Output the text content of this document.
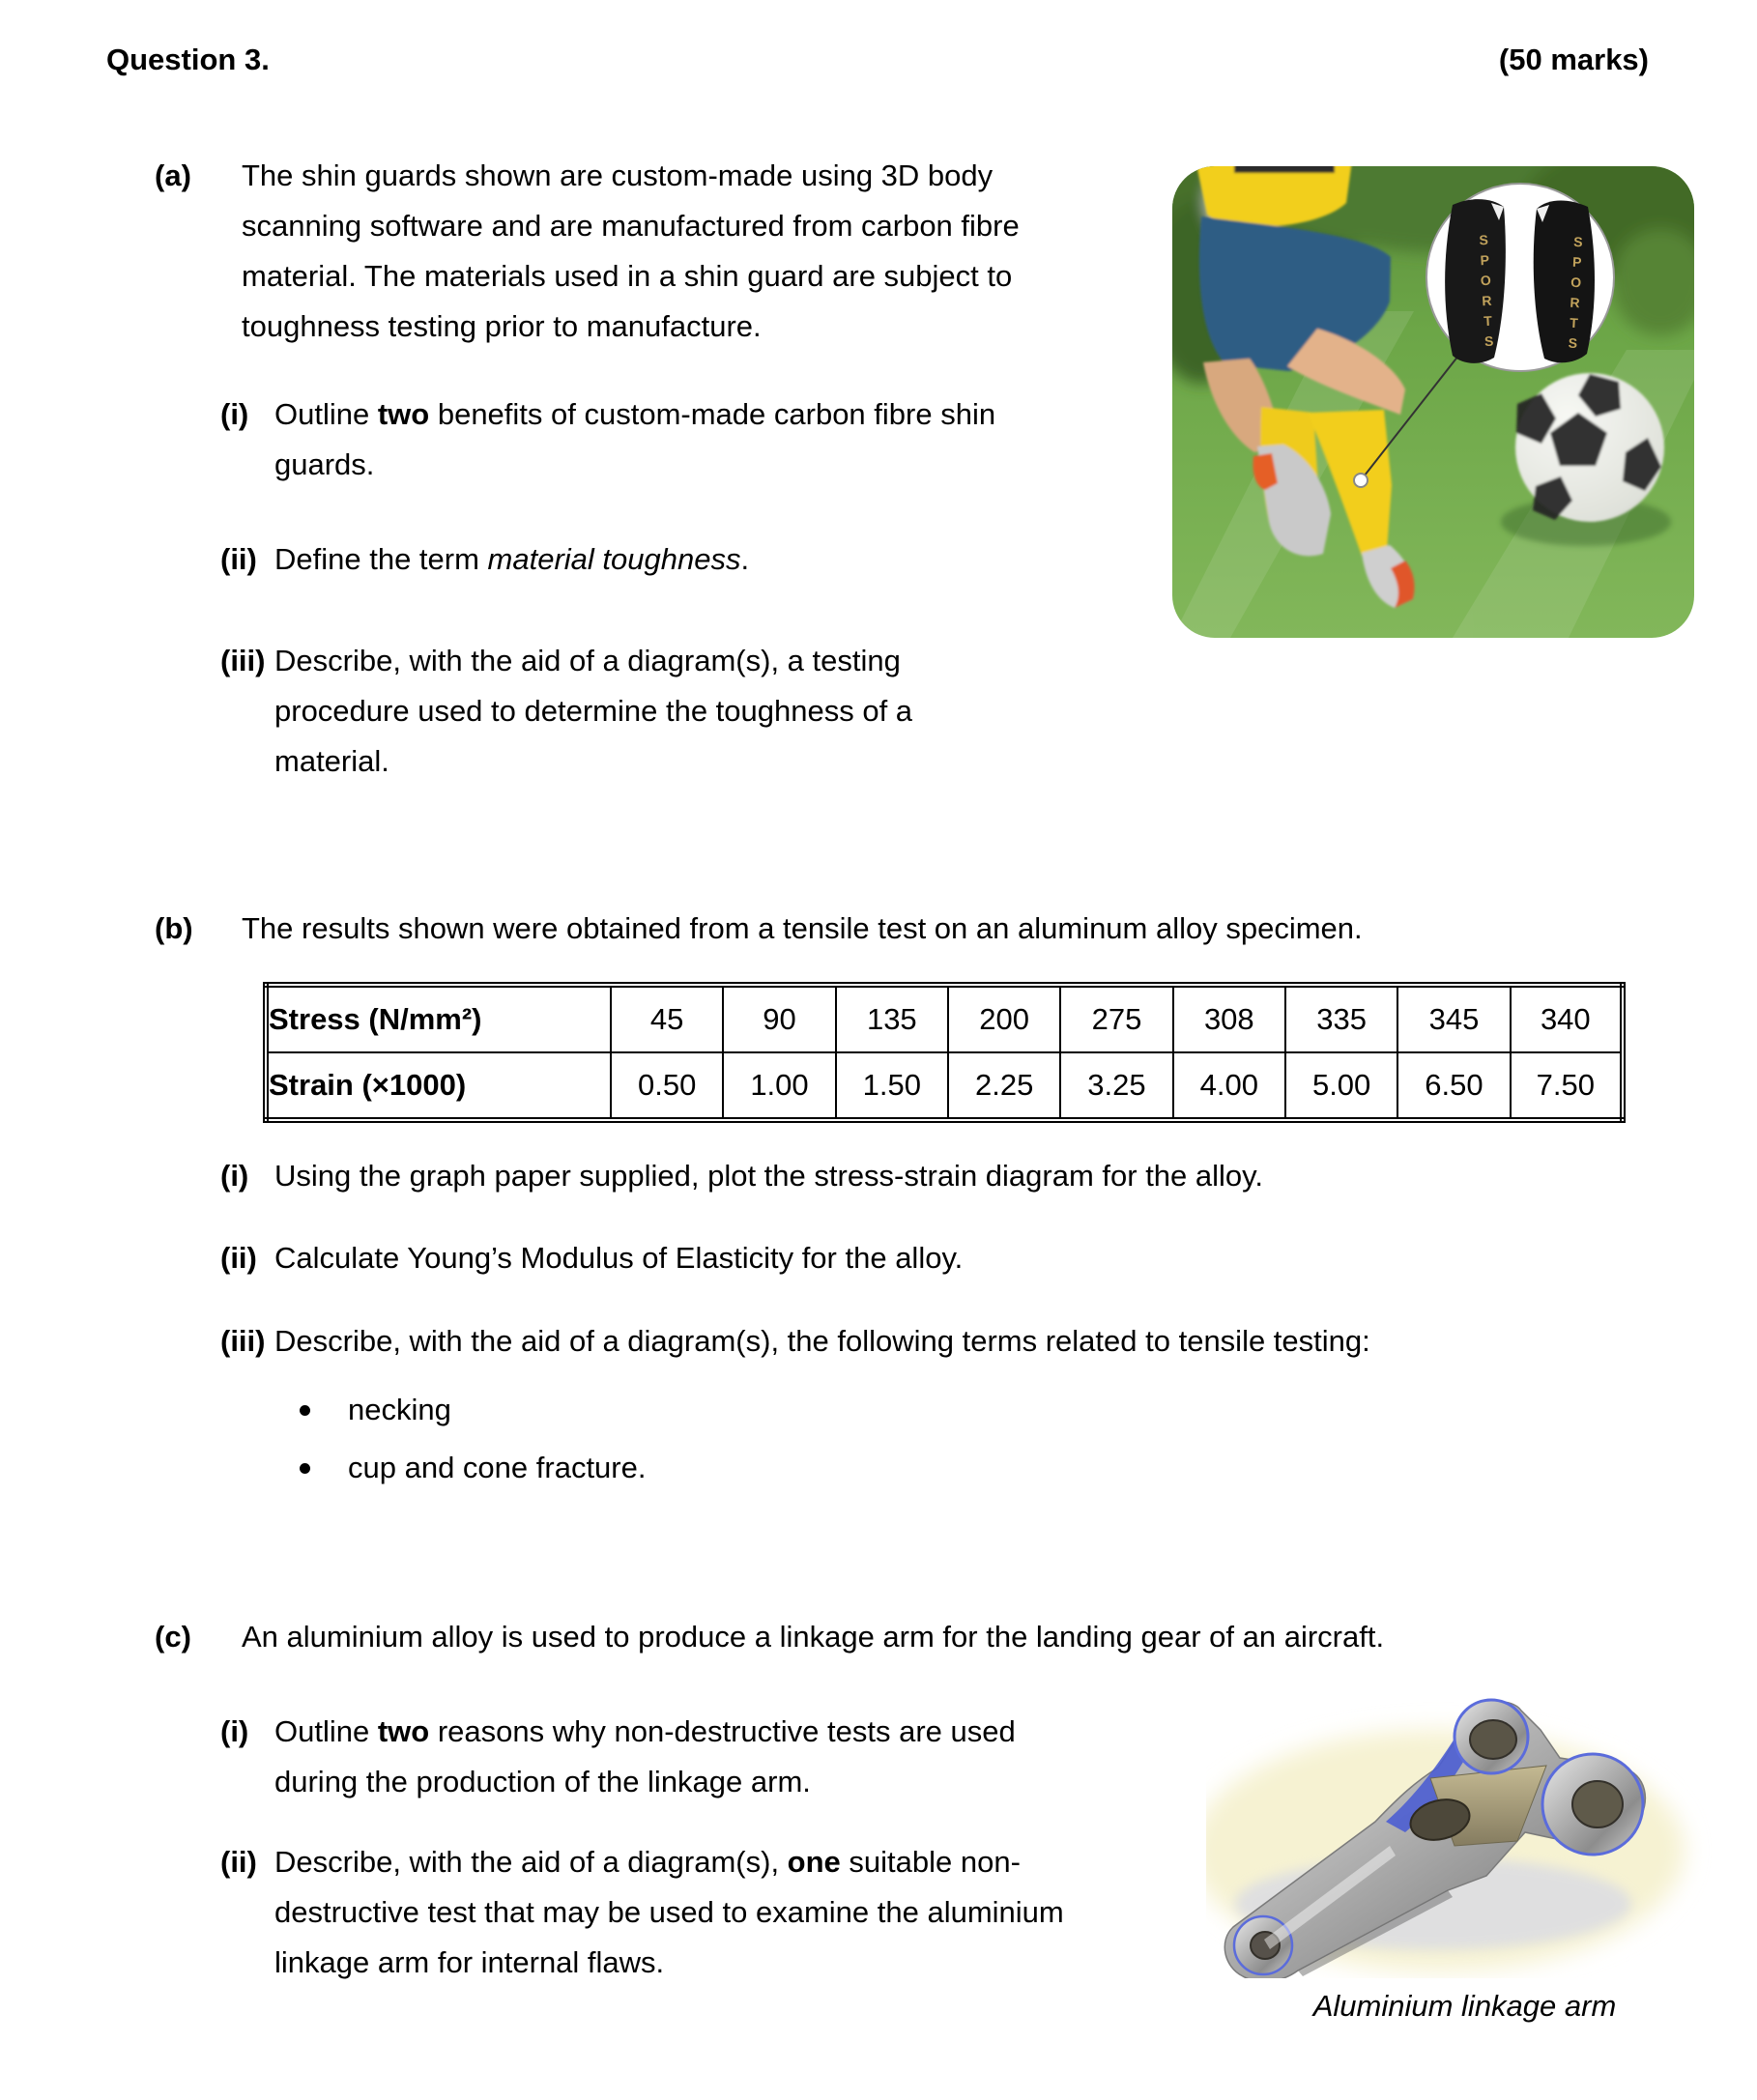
Question 3.	(50 marks)
(a) The shin guards shown are custom-made using 3D body scanning software and are manufactured from carbon fibre material. The materials used in a shin guard are subject to toughness testing prior to manufacture.
(i) Outline two benefits of custom-made carbon fibre shin guards.
(ii) Define the term material toughness.
(iii) Describe, with the aid of a diagram(s), a testing procedure used to determine the toughness of a material.
SPORTS	SPORTS
(b) The results shown were obtained from a tensile test on an aluminum alloy specimen.
Stress (N/mm²)	45	90	135	200	275	308	335	345	340
Strain (×1000)	0.50	1.00	1.50	2.25	3.25	4.00	5.00	6.50	7.50
(i) Using the graph paper supplied, plot the stress-strain diagram for the alloy.
(ii) Calculate Young’s Modulus of Elasticity for the alloy.
(iii) Describe, with the aid of a diagram(s), the following terms related to tensile testing:
necking
cup and cone fracture.
(c) An aluminium alloy is used to produce a linkage arm for the landing gear of an aircraft.
(i) Outline two reasons why non-destructive tests are used during the production of the linkage arm.
(ii) Describe, with the aid of a diagram(s), one suitable non-destructive test that may be used to examine the aluminium linkage arm for internal flaws.
Aluminium linkage arm
